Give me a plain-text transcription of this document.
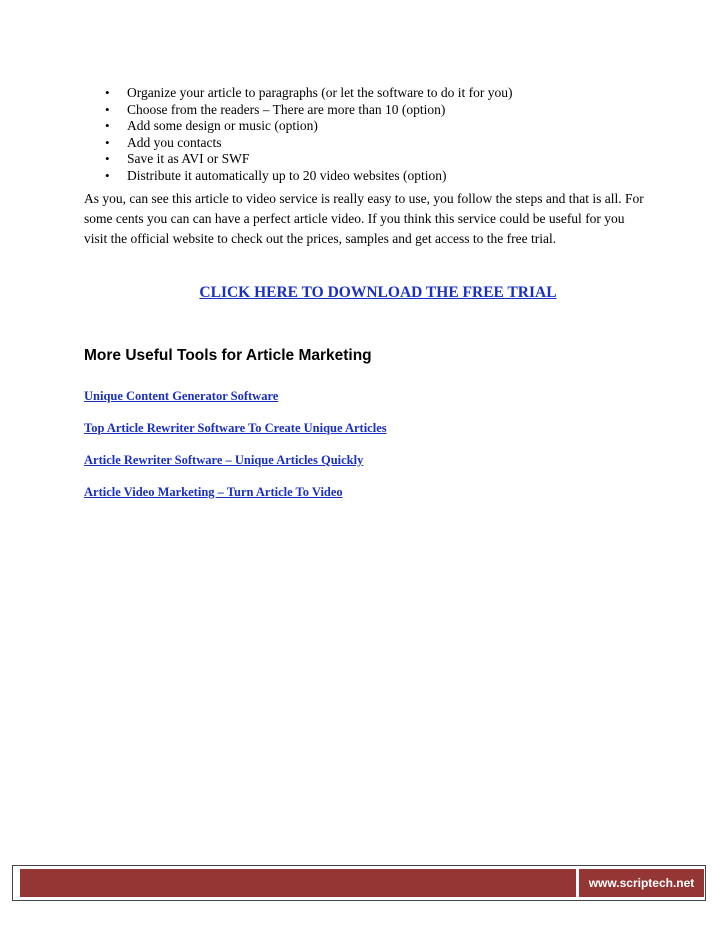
• Organize your article to paragraphs (or let the software to do it for you)
• Choose from the readers – There are more than 10 (option)
• Add some design or music (option)
• Add you contacts
• Save it as AVI or SWF
• Distribute it automatically up to 20 video websites (option)

As you, can see this article to video service is really easy to use, you follow the steps and that is all. For some cents you can can have a perfect article video. If you think this service could be useful for you visit the official website to check out the prices, samples and get access to the free trial.

CLICK HERE TO DOWNLOAD THE FREE TRIAL
More Useful Tools for Article Marketing
Unique Content Generator Software
Top Article Rewriter Software To Create Unique Articles
Article Rewriter Software – Unique Articles Quickly
Article Video Marketing – Turn Article To Video
www.scriptech.net
